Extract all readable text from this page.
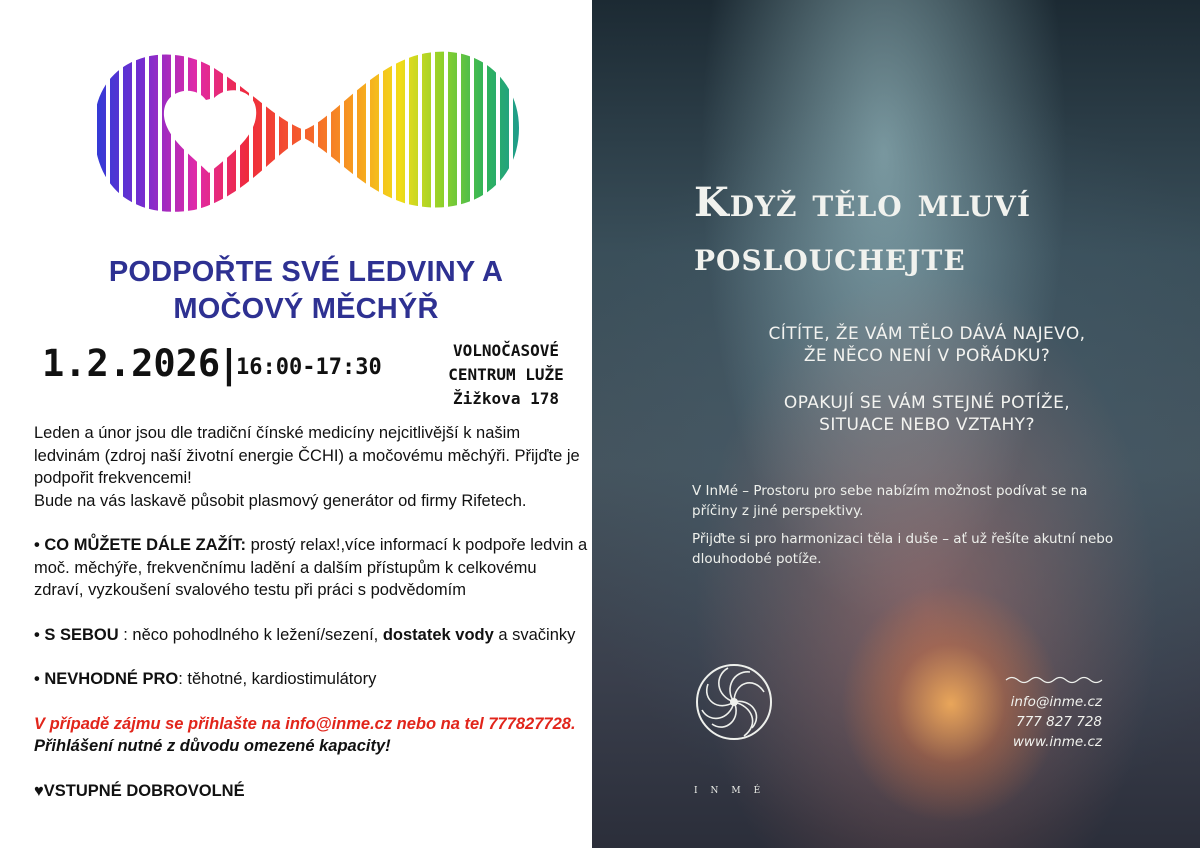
PODPOŘTE SVÉ LEDVINY A
MOČOVÝ MĚCHÝŘ
1.2.2026 | 16:00-17:30
VOLNOČASOVÉ
CENTRUM LUŽE
Žižkova 178

Leden a únor jsou dle tradiční čínské medicíny nejcitlivější k našim ledvinám (zdroj naší životní energie ČCHI) a močovému měchýři. Přijďte je podpořit frekvencemi!

Bude na vás laskavě působit plasmový generátor od firmy Rifetech.

• CO MŮŽETE DÁLE ZAŽÍT: prostý relax!,více informací k podpoře ledvin a moč. měchýře, frekvenčnímu ladění a dalším přístupům k celkovému zdraví, vyzkoušení svalového testu při práci s podvědomím

• S SEBOU : něco pohodlného k ležení/sezení, dostatek vody a svačinky

• NEVHODNÉ PRO: těhotné, kardiostimulátory

V případě zájmu se přihlašte na info@inme.cz nebo na tel 777827728.

Přihlášení nutné z důvodu omezené kapacity!

♥VSTUPNÉ DOBROVOLNÉ

Když tělo mluví
poslouchejte
CÍTÍTE, ŽE VÁM TĚLO DÁVÁ NAJEVO,
ŽE NĚCO NENÍ V POŘÁDKU?
OPAKUJÍ SE VÁM STEJNÉ POTÍŽE,
SITUACE NEBO VZTAHY?

V InMé – Prostoru pro sebe nabízím možnost podívat se na příčiny z jiné perspektivy.

Přijďte si pro harmonizaci těla i duše – ať už řešíte akutní nebo dlouhodobé potíže.

INMÉ
info@inme.cz
777 827 728
www.inme.cz
